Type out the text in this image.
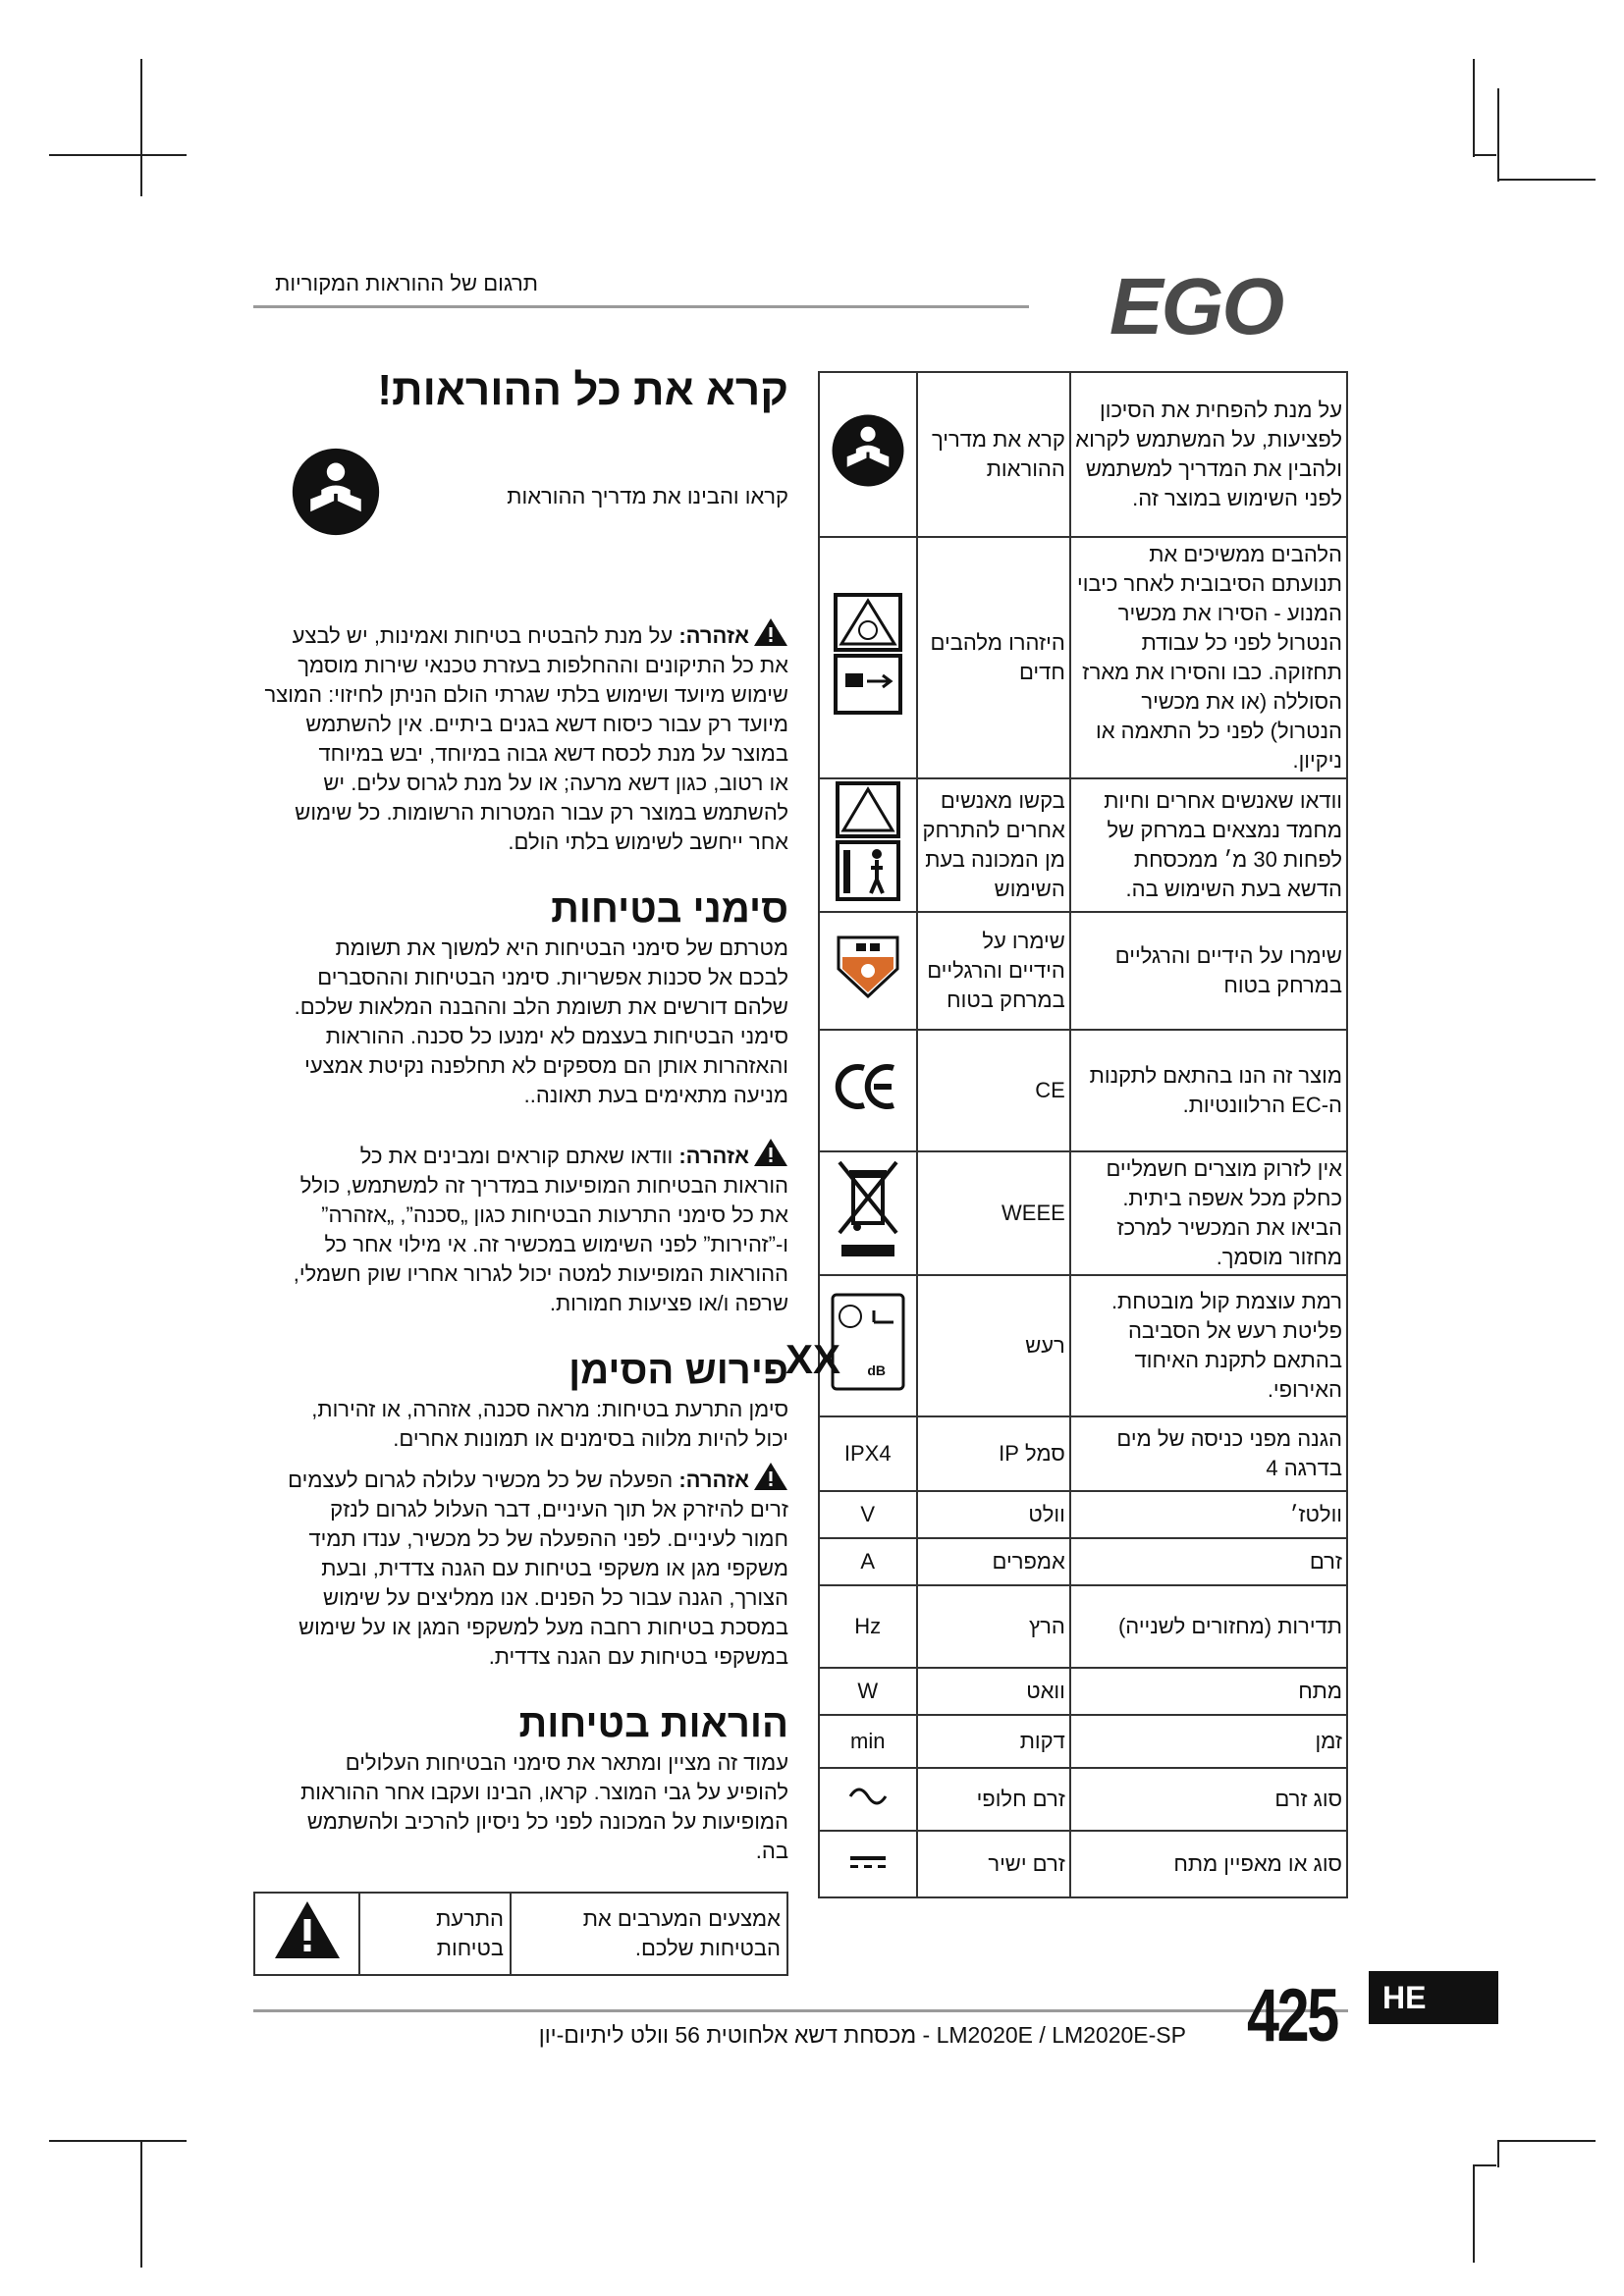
תרגום של ההוראות המקוריות	EGO
קרא את כל ההוראות!
קראו והבינו את מדריך ההוראות

אזהרה: על מנת להבטיח בטיחות ואמינות, יש לבצע

את כל התיקונים וההחלפות בעזרת טכנאי שירות מוסמך

שימוש מיועד ושימוש בלתי שגרתי הולם הניתן לחיזוי: המוצר

מיועד רק עבור כיסוח דשא בגנים ביתיים. אין להשתמש

במוצר על מנת לכסח דשא גבוה במיוחד, יבש במיוחד

או רטוב, כגון דשא מרעה; או על מנת לגרוס עלים. יש

להשתמש במוצר רק עבור המטרות הרשומות. כל שימוש

אחר ייחשב לשימוש בלתי הולם.

סימני בטיחות

מטרתם של סימני הבטיחות היא למשוך את תשומת

לבכם אל סכנות אפשריות. סימני הבטיחות וההסברים

שלהם דורשים את תשומת הלב וההבנה המלאות שלכם.

סימני הבטיחות בעצמם לא ימנעו כל סכנה. ההוראות

והאזהרות אותן הם מספקים לא תחלפנה נקיטת אמצעי

מניעה מתאימים בעת תאונה..

אזהרה: וודאו שאתם קוראים ומבינים את כל

הוראות הבטיחות המופיעות במדריך זה למשתמש, כולל

את כל סימני התרעות הבטיחות כגון „סכנה”, „אזהרה”

ו-”זהירות” לפני השימוש במכשיר זה. אי מילוי אחר כל

ההוראות המופיעות למטה יכול לגרור אחריו שוק חשמלי,

שרפה ו/או פציעות חמורות.

פירוש הסימן

סימן התרעת בטיחות: מראה סכנה, אזהרה, או זהירות,

יכול להיות מלווה בסימנים או תמונות אחרים.

אזהרה: הפעלה של כל מכשיר עלולה לגרום לעצמים

זרים להיזרק אל תוך העיניים, דבר העלול לגרום לנזק

חמור לעיניים. לפני ההפעלה של כל מכשיר, ענדו תמיד

משקפי מגן או משקפי בטיחות עם הגנה צדדית, ובעת

הצורך, הגנה עבור כל הפנים. אנו ממליצים על שימוש

במסכת בטיחות רחבה מעל למשקפי המגן או על שימוש

במשקפי בטיחות עם הגנה צדדית.

הוראות בטיחות

עמוד זה מציין ומתאר את סימני הבטיחות העלולים

להופיע על גבי המוצר. קראו, הבינו ועקבו אחר ההוראות

המופיעות על המכונה לפני כל ניסיון להרכיב ולהשתמש

בה.

אמצעים המערבים את הבטיחות שלכם.	התרעת בטיחות	
על מנת להפחית את הסיכון לפציעות, על המשתמש לקרוא ולהבין את המדריך למשתמש לפני השימוש במוצר זה.	קרא את מדריך ההוראות	
הלהבים ממשיכים את תנועתם הסיבובית לאחר כיבוי המנוע - הסירו את מכשיר הנטרול לפני כל עבודת תחזוקה. כבו והסירו את מארז הסוללה (או את מכשיר הנטרול) לפני כל התאמה או ניקיון.	היזהרו מלהבים חדים	
וודאו שאנשים אחרים וחיות מחמד נמצאים במרחק של לפחות 30 מ׳ ממכסחת הדשא בעת השימוש בה.	בקשו מאנשים אחרים להתרחק מן המכונה בעת השימוש	
שימרו על הידיים והרגליים במרחק בטוח	שימרו על הידיים והרגליים במרחק בטוח	
מוצר זה הנו בהתאם לתקנות ה-EC הרלוונטיות.	CE	
אין לזרוק מוצרים חשמליים כחלק מכל אשפה ביתית. הביאו את המכשיר למרכז מחזור מוסמך.	WEEE	
רמת עוצמת קול מובטחת. פליטת רעש אל הסביבה בהתאם לתקנת האיחוד האירופי.	רעש	XX dB

הגנה מפני כניסה של מים בדרגה 4	סמל IP	IPX4
וולטז׳	וולט	V
זרם	אמפרים	A
תדירות (מחזורים לשנייה)	הרץ	Hz
מתח	וואט	W
זמן	דקות	min
סוג זרם	זרם חלופי	
סוג או מאפיין מתח	זרם ישיר	
LM2020E / LM2020E-SP - מכסחת דשא אלחוטית 56 וולט ליתיום-יון 425	HE
